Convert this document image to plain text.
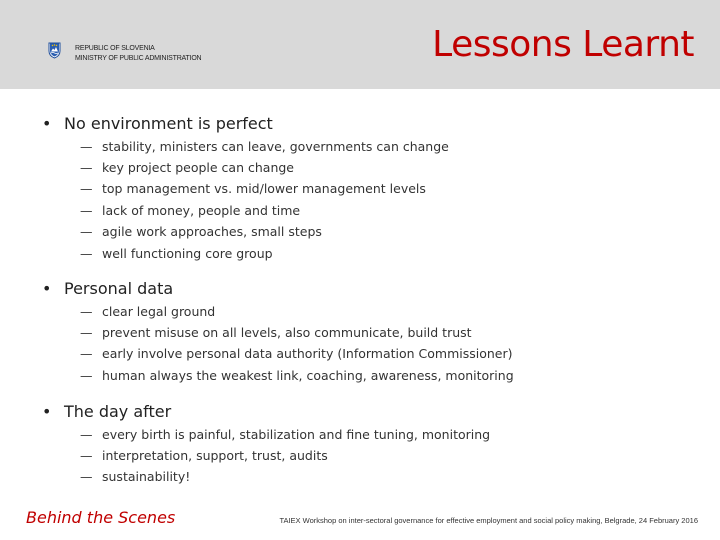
REPUBLIC OF SLOVENIA
MINISTRY OF PUBLIC ADMINISTRATION	Lessons Learnt
• No environment is perfect
— stability, ministers can leave, governments can change
— key project people can change
— top management vs. mid/lower management levels
— lack of money, people and time
— agile work approaches, small steps
— well functioning core group
• Personal data
— clear legal ground
— prevent misuse on all levels, also communicate, build trust
— early involve personal data authority (Information Commissioner)
— human always the weakest link, coaching, awareness, monitoring
• The day after
— every birth is painful, stabilization and fine tuning, monitoring
— interpretation, support, trust, audits
— sustainability!
Behind the Scenes	TAIEX Workshop on inter-sectoral governance for effective employment and social policy making, Belgrade, 24 February 2016
